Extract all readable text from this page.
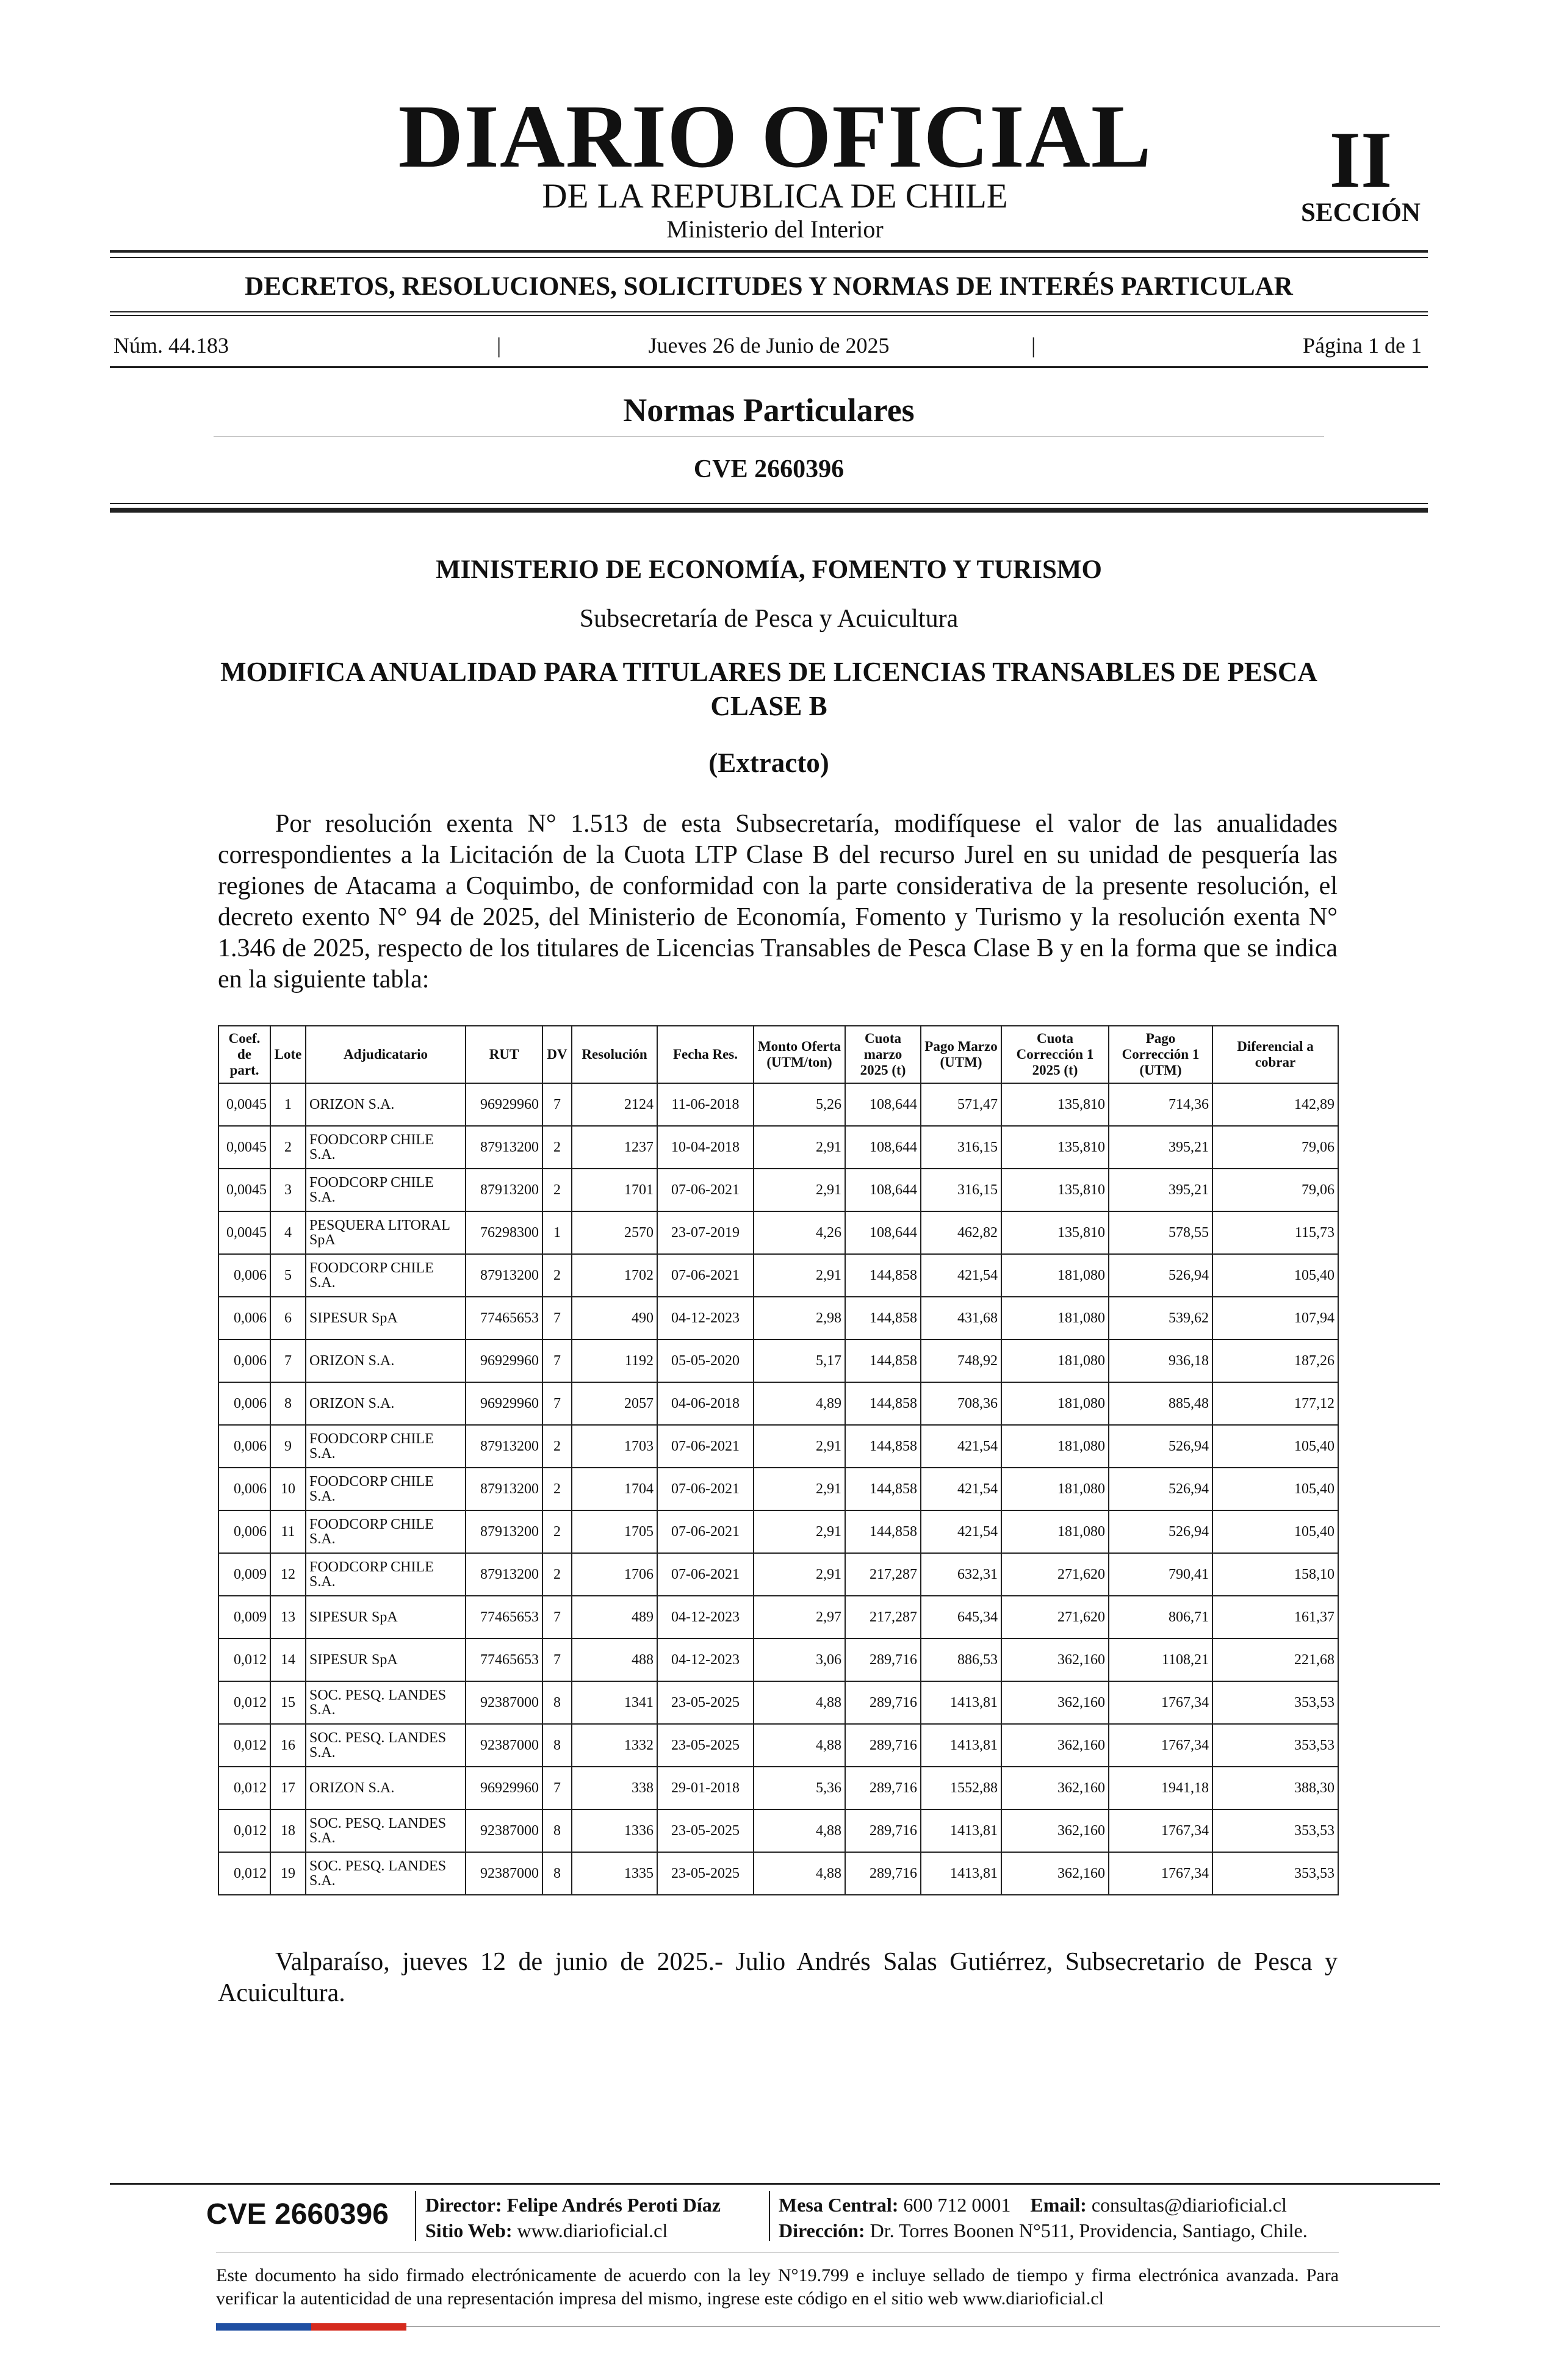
DIARIO OFICIAL
DE LA REPUBLICA DE CHILE
Ministerio del Interior
II
SECCIÓN
DECRETOS, RESOLUCIONES, SOLICITUDES Y NORMAS DE INTERÉS PARTICULAR
Núm. 44.183	|	Jueves 26 de Junio de 2025	|	Página 1 de 1
Normas Particulares
CVE 2660396
MINISTERIO DE ECONOMÍA, FOMENTO Y TURISMO
Subsecretaría de Pesca y Acuicultura
MODIFICA ANUALIDAD PARA TITULARES DE LICENCIAS TRANSABLES DE PESCA CLASE B
(Extracto)

Por resolución exenta N° 1.513 de esta Subsecretaría, modifíquese el valor de las anualidades correspondientes a la Licitación de la Cuota LTP Clase B del recurso Jurel en su unidad de pesquería las regiones de Atacama a Coquimbo, de conformidad con la parte considerativa de la presente resolución, el decreto exento N° 94 de 2025, del Ministerio de Economía, Fomento y Turismo y la resolución exenta N° 1.346 de 2025, respecto de los titulares de Licencias Transables de Pesca Clase B y en la forma que se indica en la siguiente tabla:

Coef. de part.	Lote	Adjudicatario	RUT	DV	Resolución	Fecha Res.	Monto Oferta (UTM/ton)	Cuota marzo 2025 (t)	Pago Marzo (UTM)	Cuota Corrección 1 2025 (t)	Pago Corrección 1 (UTM)	Diferencial a cobrar
0,0045	1	ORIZON S.A.	96929960	7	2124	11-06-2018	5,26	108,644	571,47	135,810	714,36	142,89
0,0045	2	FOODCORP CHILE S.A.	87913200	2	1237	10-04-2018	2,91	108,644	316,15	135,810	395,21	79,06
0,0045	3	FOODCORP CHILE S.A.	87913200	2	1701	07-06-2021	2,91	108,644	316,15	135,810	395,21	79,06
0,0045	4	PESQUERA LITORAL SpA	76298300	1	2570	23-07-2019	4,26	108,644	462,82	135,810	578,55	115,73
0,006	5	FOODCORP CHILE S.A.	87913200	2	1702	07-06-2021	2,91	144,858	421,54	181,080	526,94	105,40
0,006	6	SIPESUR SpA	77465653	7	490	04-12-2023	2,98	144,858	431,68	181,080	539,62	107,94
0,006	7	ORIZON S.A.	96929960	7	1192	05-05-2020	5,17	144,858	748,92	181,080	936,18	187,26
0,006	8	ORIZON S.A.	96929960	7	2057	04-06-2018	4,89	144,858	708,36	181,080	885,48	177,12
0,006	9	FOODCORP CHILE S.A.	87913200	2	1703	07-06-2021	2,91	144,858	421,54	181,080	526,94	105,40
0,006	10	FOODCORP CHILE S.A.	87913200	2	1704	07-06-2021	2,91	144,858	421,54	181,080	526,94	105,40
0,006	11	FOODCORP CHILE S.A.	87913200	2	1705	07-06-2021	2,91	144,858	421,54	181,080	526,94	105,40
0,009	12	FOODCORP CHILE S.A.	87913200	2	1706	07-06-2021	2,91	217,287	632,31	271,620	790,41	158,10
0,009	13	SIPESUR SpA	77465653	7	489	04-12-2023	2,97	217,287	645,34	271,620	806,71	161,37
0,012	14	SIPESUR SpA	77465653	7	488	04-12-2023	3,06	289,716	886,53	362,160	1108,21	221,68
0,012	15	SOC. PESQ. LANDES S.A.	92387000	8	1341	23-05-2025	4,88	289,716	1413,81	362,160	1767,34	353,53
0,012	16	SOC. PESQ. LANDES S.A.	92387000	8	1332	23-05-2025	4,88	289,716	1413,81	362,160	1767,34	353,53
0,012	17	ORIZON S.A.	96929960	7	338	29-01-2018	5,36	289,716	1552,88	362,160	1941,18	388,30
0,012	18	SOC. PESQ. LANDES S.A.	92387000	8	1336	23-05-2025	4,88	289,716	1413,81	362,160	1767,34	353,53
0,012	19	SOC. PESQ. LANDES S.A.	92387000	8	1335	23-05-2025	4,88	289,716	1413,81	362,160	1767,34	353,53

Valparaíso, jueves 12 de junio de 2025.- Julio Andrés Salas Gutiérrez, Subsecretario de Pesca y Acuicultura.

CVE 2660396 Director: Felipe Andrés Peroti Díaz
Sitio Web: www.diarioficial.cl
Mesa Central: 600 712 0001 Email: consultas@diarioficial.cl
Dirección: Dr. Torres Boonen N°511, Providencia, Santiago, Chile.

Este documento ha sido firmado electrónicamente de acuerdo con la ley N°19.799 e incluye sellado de tiempo y firma electrónica avanzada. Para verificar la autenticidad de una representación impresa del mismo, ingrese este código en el sitio web www.diarioficial.cl
